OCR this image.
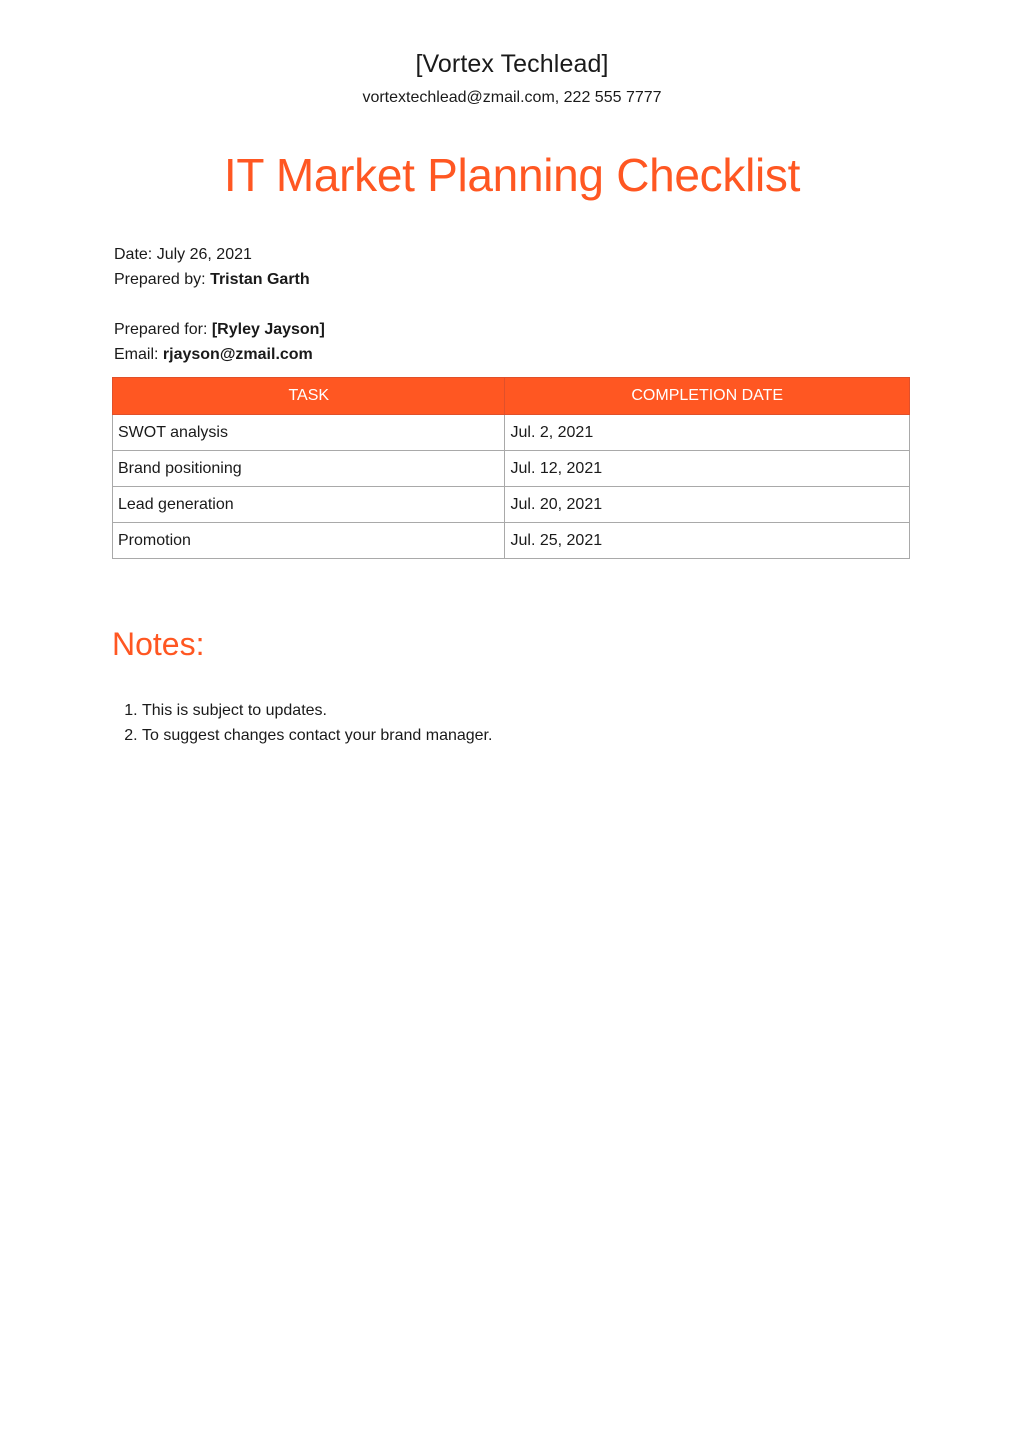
[Vortex Techlead]
vortextechlead@zmail.com, 222 555 7777
IT Market Planning Checklist
Date: July 26, 2021
Prepared by: Tristan Garth
Prepared for: [Ryley Jayson]
Email: rjayson@zmail.com
TASK	COMPLETION DATE
SWOT analysis	Jul. 2, 2021
Brand positioning	Jul. 12, 2021
Lead generation	Jul. 20, 2021
Promotion	Jul. 25, 2021
Notes:
1. This is subject to updates.
2. To suggest changes contact your brand manager.
